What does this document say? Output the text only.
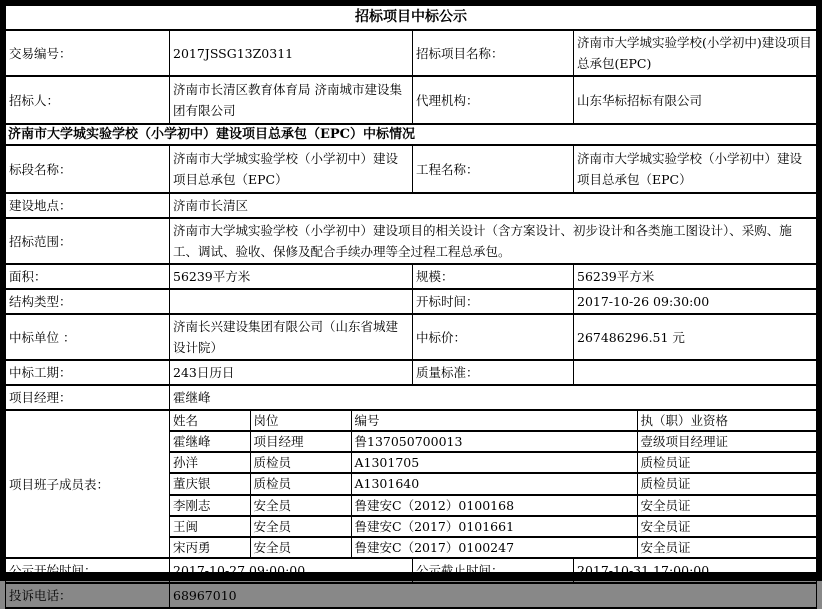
招标项目中标公示
交易编号：	2017JSSG13Z0311	招标项目名称：	济南市大学城实验学校(小学初中)建设项目总承包(EPC)
招标人：	济南市长清区教育体育局 济南城市建设集团有限公司	代理机构：	山东华标招标有限公司
济南市大学城实验学校（小学初中）建设项目总承包（EPC）中标情况
标段名称：	济南市大学城实验学校（小学初中）建设项目总承包（EPC）	工程名称：	济南市大学城实验学校（小学初中）建设项目总承包（EPC）
建设地点：	济南市长清区
招标范围：	济南市大学城实验学校（小学初中）建设项目的相关设计（含方案设计、初步设计和各类施工图设计）、采购、施工、调试、验收、保修及配合手续办理等全过程工程总承包。
面积：	56239平方米	规模：	56239平方米
结构类型：		开标时间：	2017-10-26 09:30:00
中标单位 ：	济南长兴建设集团有限公司（山东省城建设计院）	中标价：	267486296.51 元
中标工期：	243日历日	质量标准：	
项目经理：	霍继峰
项目班子成员表：	
姓名	岗位	编号	执（职）业资格
霍继峰	项目经理	鲁137050700013	壹级项目经理证
孙洋	质检员	A1301705	质检员证
董庆银	质检员	A1301640	质检员证
李刚志	安全员	鲁建安C（2012）0100168	安全员证
王闽	安全员	鲁建安C（2017）0101661	安全员证
宋丙勇	安全员	鲁建安C（2017）0100247	安全员证

公示开始时间：	2017-10-27 09:00:00	公示截止时间：	2017-10-31 17:00:00
投诉电话：	68967010
